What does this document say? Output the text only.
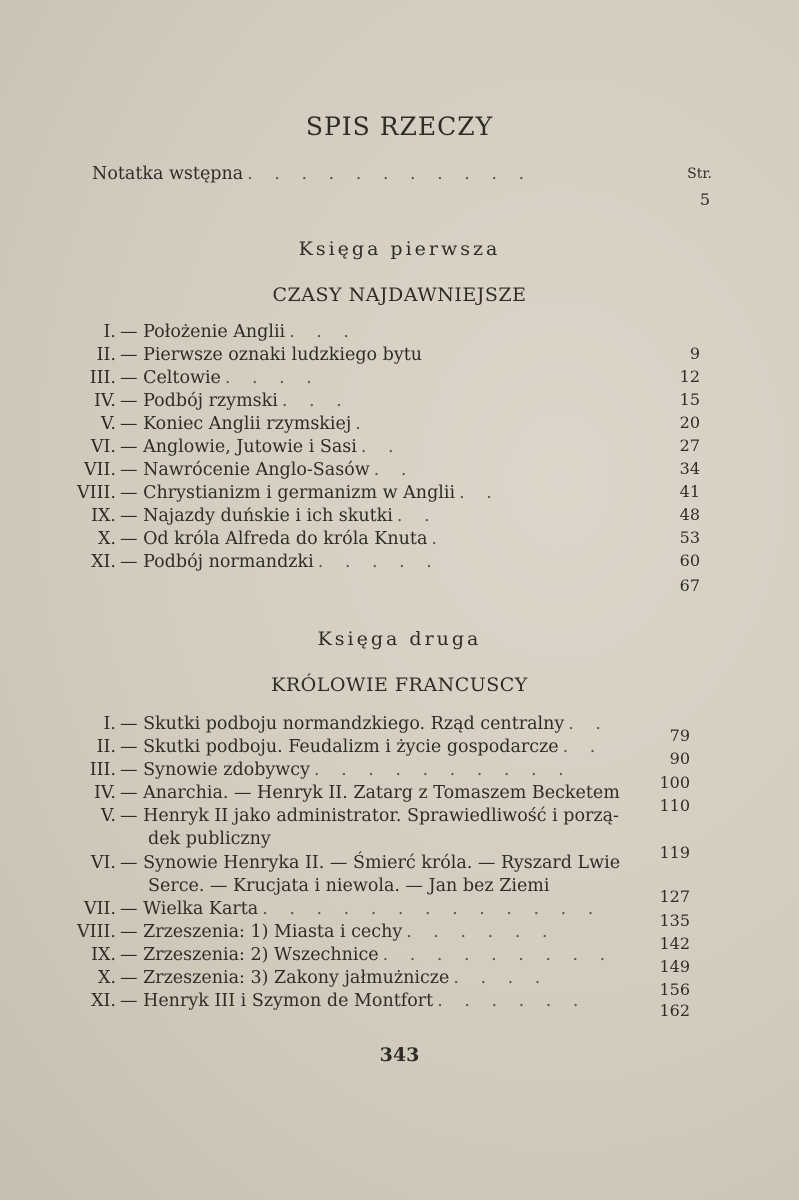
SPIS RZECZY
Notatka wstępna . . . . . . . . . . .	Str.
5
Księga pierwsza
CZASY NAJDAWNIEJSZE
I. — Położenie Anglii . . .
9
II. — Pierwsze oznaki ludzkiego bytu
12
III. — Celtowie . . . .
15
IV. — Podbój rzymski . . .
20
V. — Koniec Anglii rzymskiej .
27
VI. — Anglowie, Jutowie i Sasi . .
34
VII. — Nawrócenie Anglo-Sasów . .
41
VIII. — Chrystianizm i germanizm w Anglii . .
48
IX. — Najazdy duńskie i ich skutki . .
53
X. — Od króla Alfreda do króla Knuta .
60
XI. — Podbój normandzki . . . . .
67
Księga druga
KRÓLOWIE FRANCUSCY
I. — Skutki podboju normandzkiego. Rząd centralny . .
79
II. — Skutki podboju. Feudalizm i życie gospodarcze . .
90
III. — Synowie zdobywcy . . . . . . . . . .
100
IV. — Anarchia. — Henryk II. Zatarg z Tomaszem Becketem
110
V. — Henryk II jako administrator. Sprawiedliwość i porzą-
dek publiczny
119
VI. — Synowie Henryka II. — Śmierć króla. — Ryszard Lwie
Serce. — Krucjata i niewola. — Jan bez Ziemi
127
VII. — Wielka Karta . . . . . . . . . . . . .
135
VIII. — Zrzeszenia: 1) Miasta i cechy . . . . . .
142
IX. — Zrzeszenia: 2) Wszechnice . . . . . . . . .
149
X. — Zrzeszenia: 3) Zakony jałmużnicze . . . .
156
XI. — Henryk III i Szymon de Montfort . . . . . .	162
343
